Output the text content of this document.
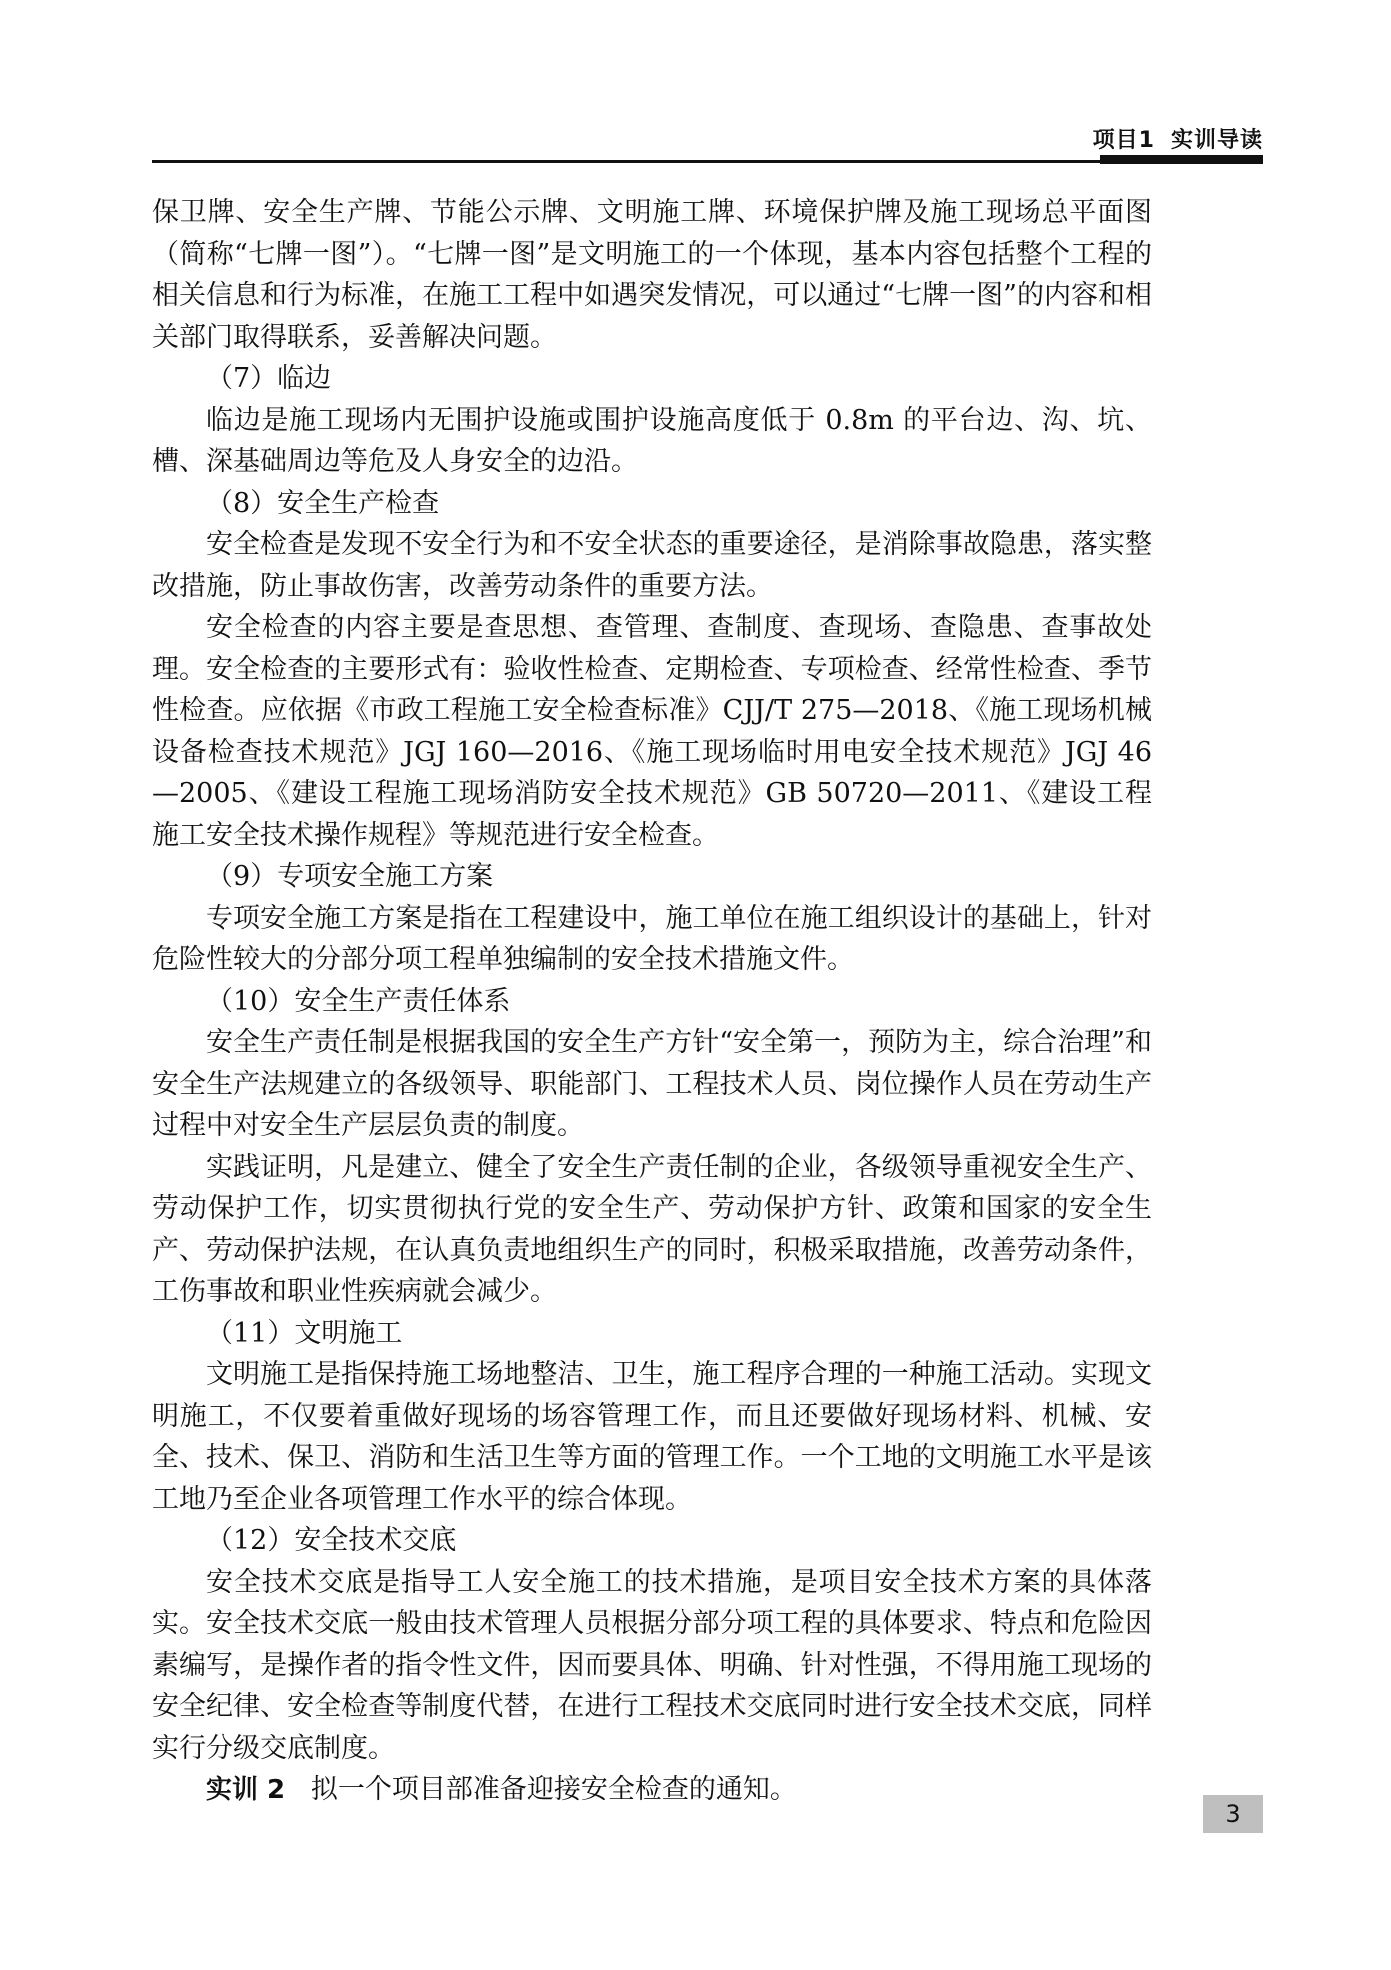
项目1 实训导读

保卫牌、安全生产牌、节能公示牌、文明施工牌、环境保护牌及施工现场总平面图（简称“七牌一图”）。“七牌一图”是文明施工的一个体现，基本内容包括整个工程的相关信息和行为标准，在施工工程中如遇突发情况，可以通过“七牌一图”的内容和相关部门取得联系，妥善解决问题。

（7）临边

临边是施工现场内无围护设施或围护设施高度低于 0.8m 的平台边、沟、坑、槽、深基础周边等危及人身安全的边沿。

（8）安全生产检查

安全检查是发现不安全行为和不安全状态的重要途径，是消除事故隐患，落实整改措施，防止事故伤害，改善劳动条件的重要方法。

安全检查的内容主要是查思想、查管理、查制度、查现场、查隐患、查事故处理。安全检查的主要形式有：验收性检查、定期检查、专项检查、经常性检查、季节性检查。应依据《市政工程施工安全检查标准》CJJ/T 275—2018、《施工现场机械设备检查技术规范》JGJ 160—2016、《施工现场临时用电安全技术规范》JGJ 46—2005、《建设工程施工现场消防安全技术规范》GB 50720—2011、《建设工程施工安全技术操作规程》等规范进行安全检查。

（9）专项安全施工方案

专项安全施工方案是指在工程建设中，施工单位在施工组织设计的基础上，针对危险性较大的分部分项工程单独编制的安全技术措施文件。

（10）安全生产责任体系

安全生产责任制是根据我国的安全生产方针“安全第一，预防为主，综合治理”和安全生产法规建立的各级领导、职能部门、工程技术人员、岗位操作人员在劳动生产过程中对安全生产层层负责的制度。

实践证明，凡是建立、健全了安全生产责任制的企业，各级领导重视安全生产、劳动保护工作，切实贯彻执行党的安全生产、劳动保护方针、政策和国家的安全生产、劳动保护法规，在认真负责地组织生产的同时，积极采取措施，改善劳动条件，工伤事故和职业性疾病就会减少。

（11）文明施工

文明施工是指保持施工场地整洁、卫生，施工程序合理的一种施工活动。实现文明施工，不仅要着重做好现场的场容管理工作，而且还要做好现场材料、机械、安全、技术、保卫、消防和生活卫生等方面的管理工作。一个工地的文明施工水平是该工地乃至企业各项管理工作水平的综合体现。

（12）安全技术交底

安全技术交底是指导工人安全施工的技术措施，是项目安全技术方案的具体落实。安全技术交底一般由技术管理人员根据分部分项工程的具体要求、特点和危险因素编写，是操作者的指令性文件，因而要具体、明确、针对性强，不得用施工现场的安全纪律、安全检查等制度代替，在进行工程技术交底同时进行安全技术交底，同样实行分级交底制度。

实训 2 拟一个项目部准备迎接安全检查的通知。

3
